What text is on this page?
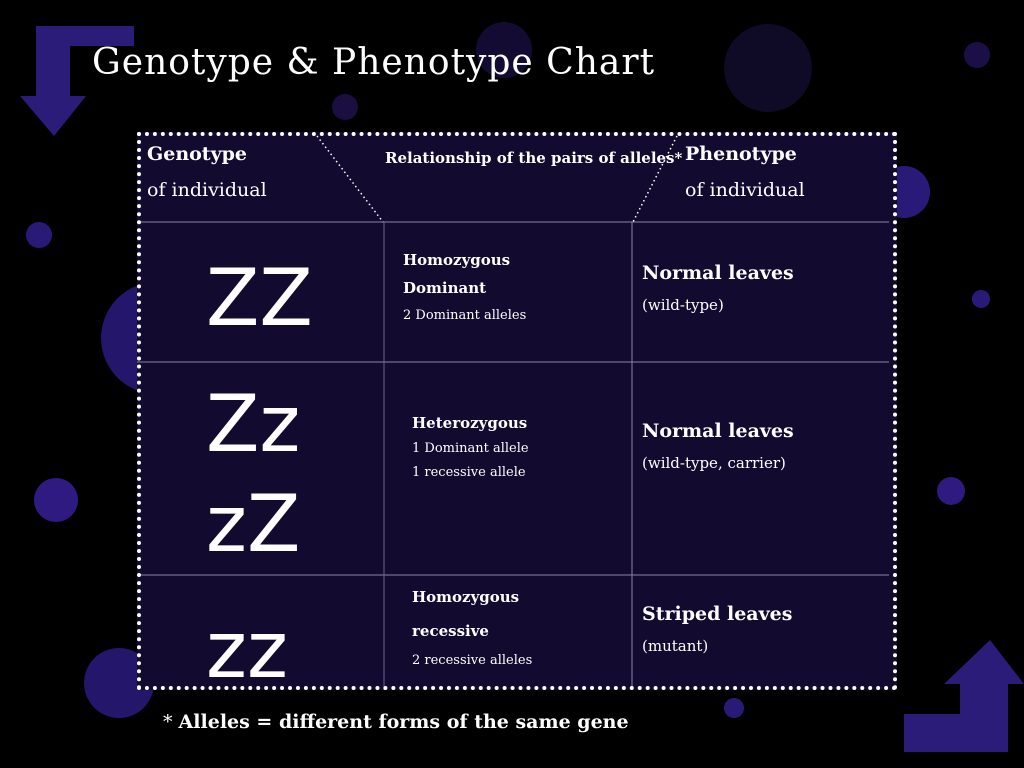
Genotype & Phenotype Chart
Genotype
of individual
Relationship of the pairs of alleles* Phenotype
of individual
ZZ	Homozygous
Dominant
2 Dominant alleles
Normal leaves
(wild-type)
Zz
zZ
Heterozygous
1 Dominant allele
1 recessive allele
Normal leaves
(wild-type, carrier)
zz
Homozygous
recessive
2 recessive alleles
Striped leaves
(mutant)
* Alleles = different forms of the same gene
